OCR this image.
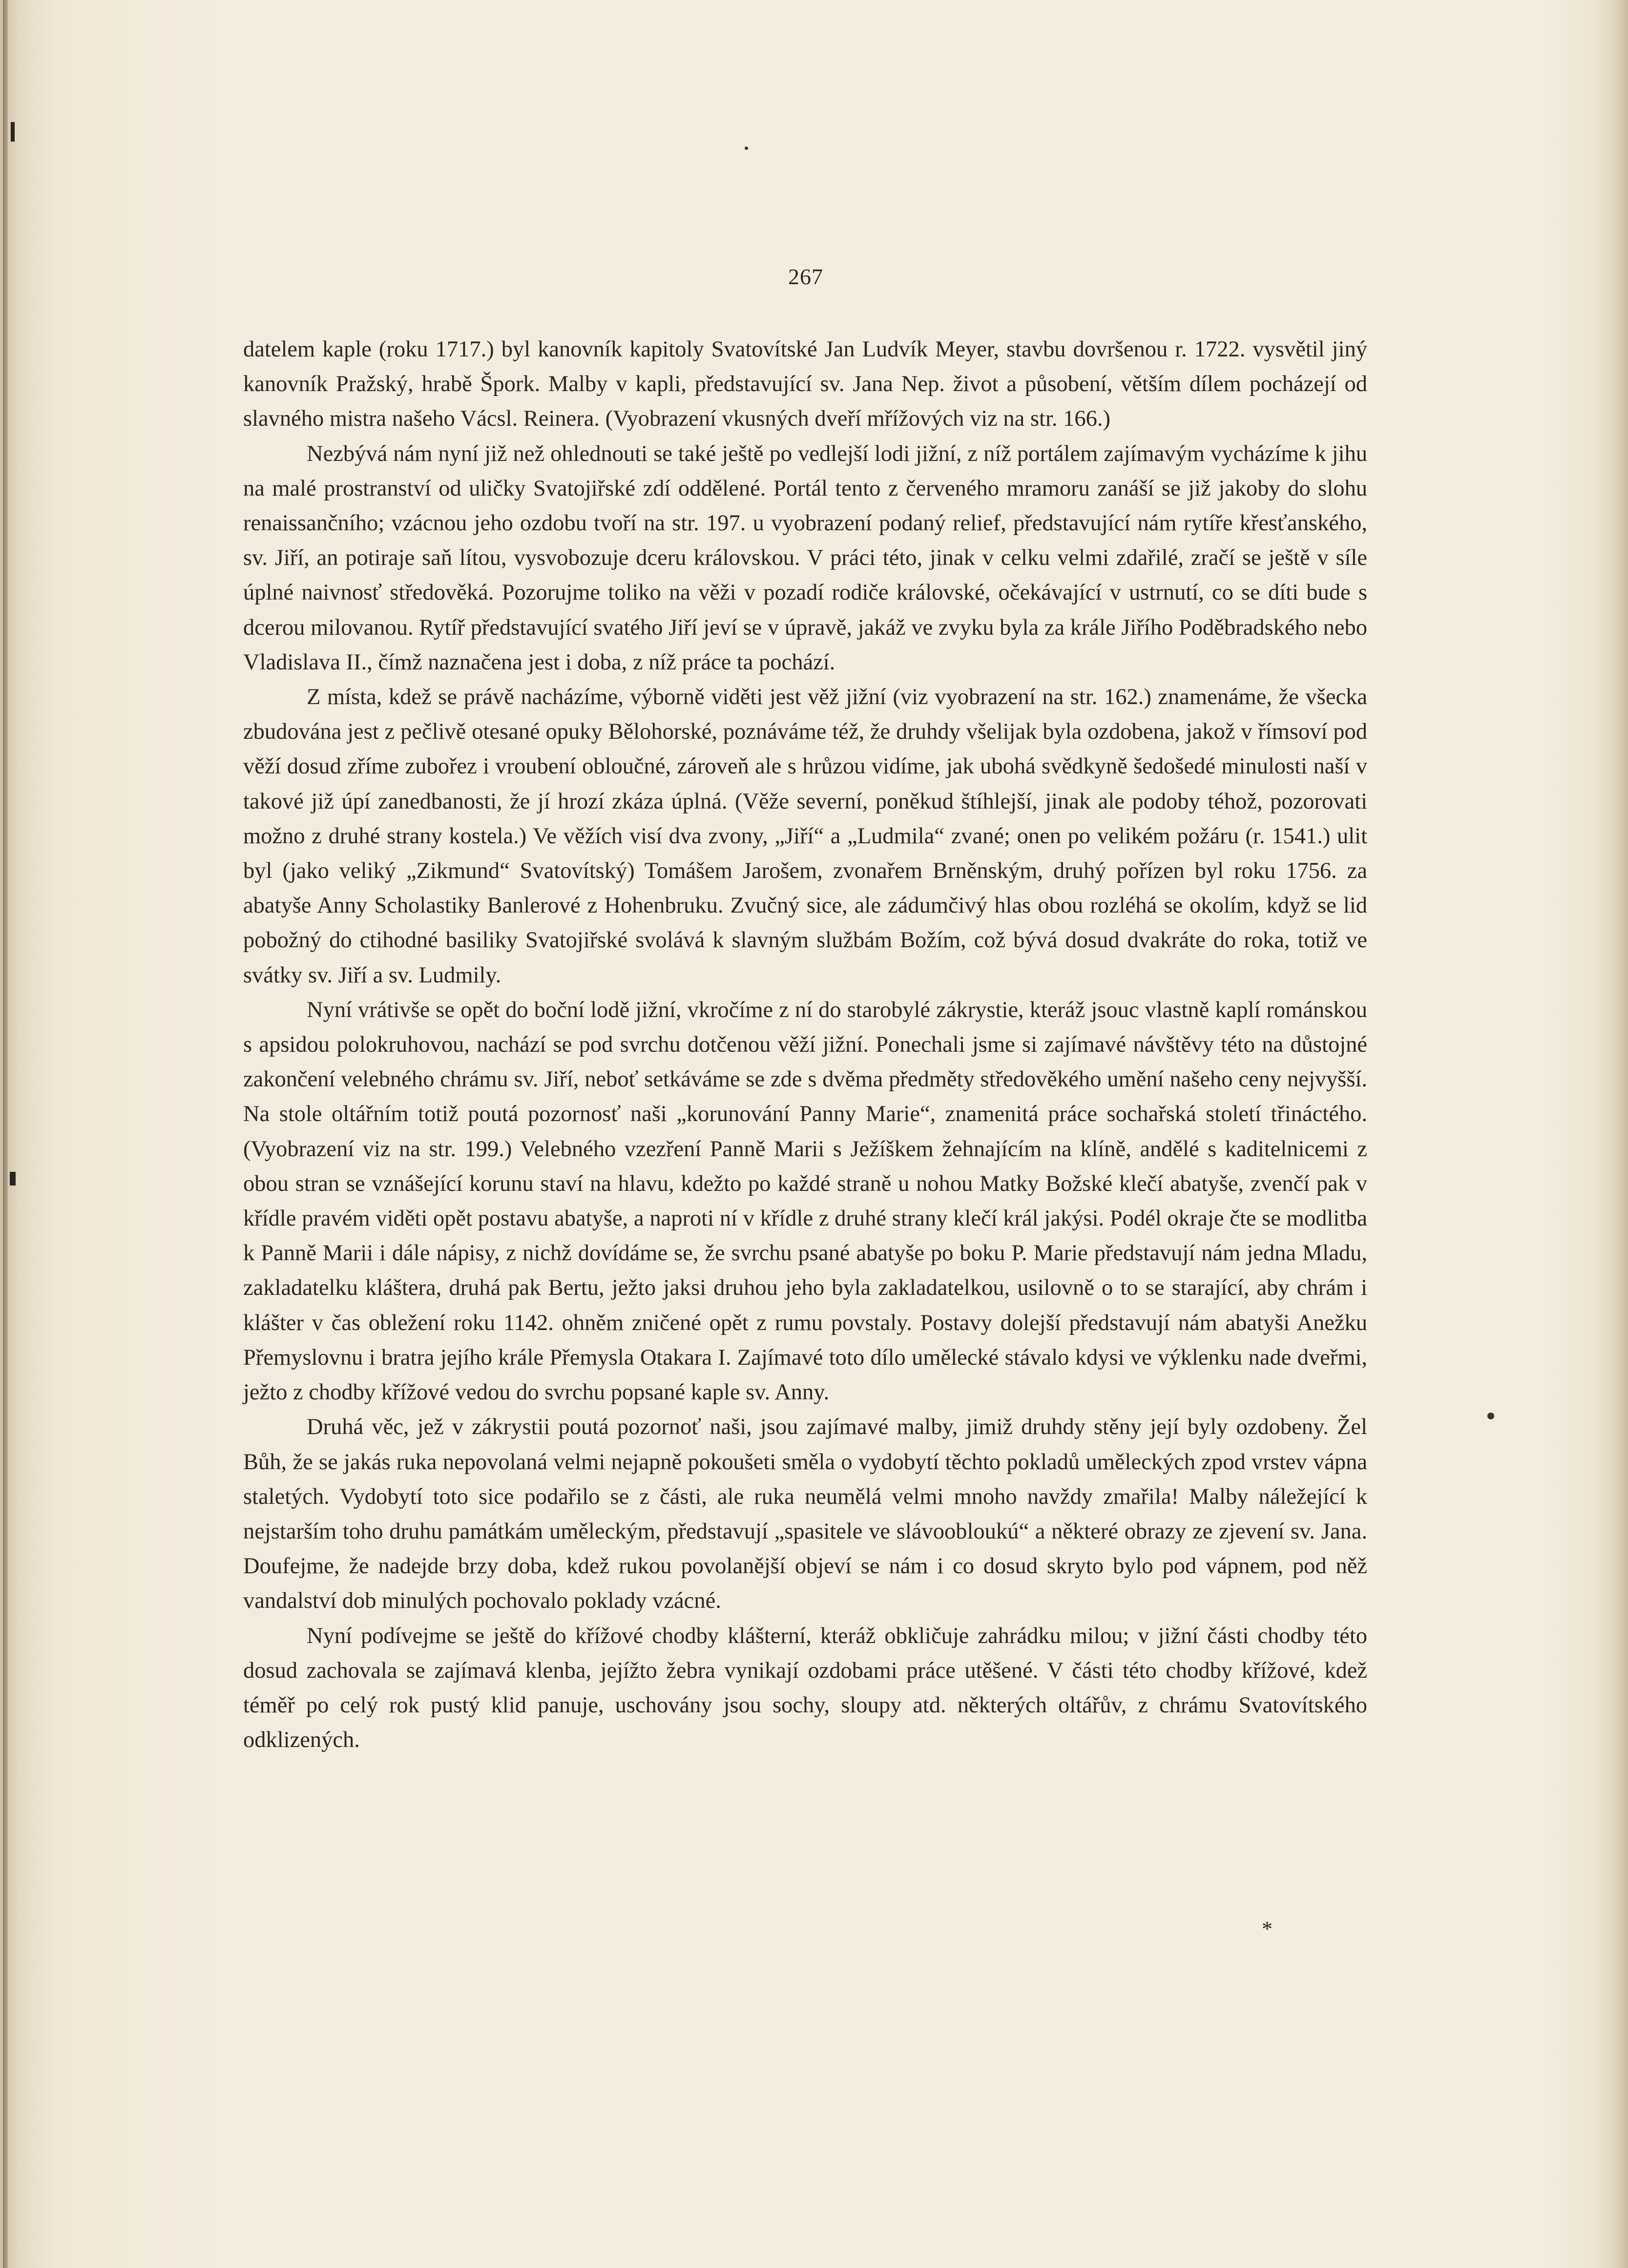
267

datelem kaple (roku 1717.) byl kanovník kapitoly Svatovítské Jan Ludvík Meyer, stavbu dovršenou r. 1722. vysvětil jiný kanovník Pražský, hrabě Špork. Malby v kapli, představující sv. Jana Nep. život a působení, větším dílem pocházejí od slavného mistra našeho Vácsl. Reinera. (Vyobrazení vkusných dveří mřížových viz na str. 166.)

Nezbývá nám nyní již než ohlednouti se také ještě po vedlejší lodi jižní, z níž portálem zajímavým vycházíme k jihu na malé prostranství od uličky Svatojiřské zdí oddělené. Portál tento z červeného mramoru zanáší se již jakoby do slohu renaissančního; vzácnou jeho ozdobu tvoří na str. 197. u vyobrazení podaný relief, představující nám rytíře křesťanského, sv. Jiří, an potiraje saň lítou, vysvobozuje dceru královskou. V práci této, jinak v celku velmi zdařilé, zračí se ještě v síle úplné naivnosť středověká. Pozorujme toliko na věži v pozadí rodiče královské, očekávající v ustrnutí, co se díti bude s dcerou milovanou. Rytíř představující svatého Jiří jeví se v úpravě, jakáž ve zvyku byla za krále Jiřího Poděbradského nebo Vladislava II., čímž naznačena jest i doba, z níž práce ta pochází.

Z místa, kdež se právě nacházíme, výborně viděti jest věž jižní (viz vyobrazení na str. 162.) znamenáme, že všecka zbudována jest z pečlivě otesané opuky Bělohorské, poznáváme též, že druhdy všelijak byla ozdobena, jakož v římsoví pod věží dosud zříme zubořez i vroubení obloučné, zároveň ale s hrůzou vidíme, jak ubohá svědkyně šedošedé minulosti naší v takové již úpí zanedbanosti, že jí hrozí zkáza úplná. (Věže severní, poněkud štíhlejší, jinak ale podoby téhož, pozorovati možno z druhé strany kostela.) Ve věžích visí dva zvony, „Jiří“ a „Ludmila“ zvané; onen po velikém požáru (r. 1541.) ulit byl (jako veliký „Zikmund“ Svatovítský) Tomášem Jarošem, zvonařem Brněnským, druhý pořízen byl roku 1756. za abatyše Anny Scholastiky Banlerové z Hohenbruku. Zvučný sice, ale zádumčivý hlas obou rozléhá se okolím, když se lid pobožný do ctihodné basiliky Svatojiřské svolává k slavným službám Božím, což bývá dosud dvakráte do roka, totiž ve svátky sv. Jiří a sv. Ludmily.

Nyní vrátivše se opět do boční lodě jižní, vkročíme z ní do starobylé zákrystie, kteráž jsouc vlastně kaplí románskou s apsidou polokruhovou, nachází se pod svrchu dotčenou věží jižní. Ponechali jsme si zajímavé návštěvy této na důstojné zakončení velebného chrámu sv. Jiří, neboť setkáváme se zde s dvěma předměty středověkého umění našeho ceny nejvyšší. Na stole oltářním totiž poutá pozornosť naši „korunování Panny Marie“, znamenitá práce sochařská století třináctého. (Vyobrazení viz na str. 199.) Velebného vzezření Panně Marii s Ježíškem žehnajícím na klíně, andělé s kaditelnicemi z obou stran se vznášející korunu staví na hlavu, kdežto po každé straně u nohou Matky Božské klečí abatyše, zvenčí pak v křídle pravém viděti opět postavu abatyše, a naproti ní v křídle z druhé strany klečí král jakýsi. Podél okraje čte se modlitba k Panně Marii i dále nápisy, z nichž dovídáme se, že svrchu psané abatyše po boku P. Marie představují nám jedna Mladu, zakladatelku kláštera, druhá pak Bertu, ježto jaksi druhou jeho byla zakladatelkou, usilovně o to se starající, aby chrám i klášter v čas obležení roku 1142. ohněm zničené opět z rumu povstaly. Postavy dolejší představují nám abatyši Anežku Přemyslovnu i bratra jejího krále Přemysla Otakara I. Zajímavé toto dílo umělecké stávalo kdysi ve výklenku nade dveřmi, ježto z chodby křížové vedou do svrchu popsané kaple sv. Anny.

Druhá věc, jež v zákrystii poutá pozornoť naši, jsou zajímavé malby, jimiž druhdy stěny její byly ozdobeny. Žel Bůh, že se jakás ruka nepovolaná velmi nejapně pokoušeti směla o vydobytí těchto pokladů uměleckých zpod vrstev vápna staletých. Vydobytí toto sice podařilo se z části, ale ruka neumělá velmi mnoho navždy zmařila! Malby náležející k nejstarším toho druhu památkám uměleckým, představují „spasitele ve slávoobloukú“ a některé obrazy ze zjevení sv. Jana. Doufejme, že nadejde brzy doba, kdež rukou povolanější objeví se nám i co dosud skryto bylo pod vápnem, pod něž vandalství dob minulých pochovalo poklady vzácné.

Nyní podívejme se ještě do křížové chodby klášterní, kteráž obkličuje zahrádku milou; v jižní části chodby této dosud zachovala se zajímavá klenba, jejížto žebra vynikají ozdobami práce utěšené. V části této chodby křížové, kdež téměř po celý rok pustý klid panuje, uschovány jsou sochy, sloupy atd. některých oltářův, z chrámu Svatovítského odklizených.

*
